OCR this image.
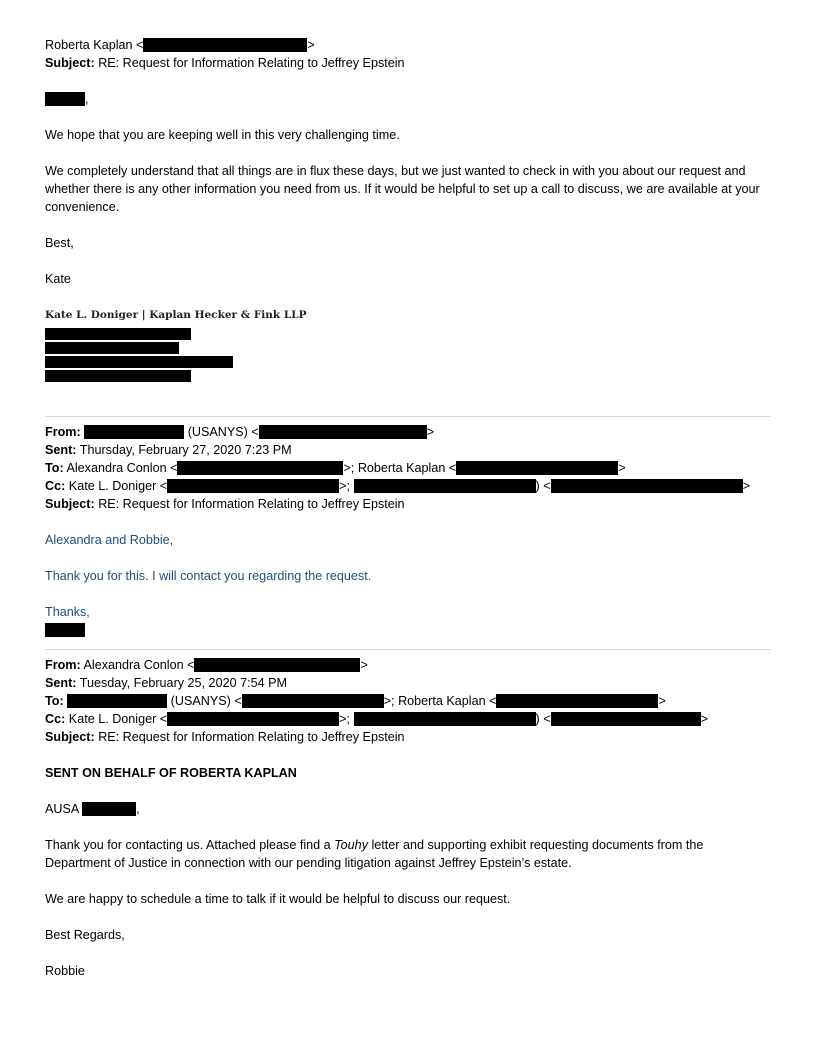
Roberta Kaplan <	>
Subject: RE: Request for Information Relating to Jeffrey Epstein
,
We hope that you are keeping well in this very challenging time.
We completely understand that all things are in flux these days, but we just wanted to check in with you about our request and whether there is any other information you need from us. If it would be helpful to set up a call to discuss, we are available at your convenience.
Best,
Kate
Kate L. Doniger | Kaplan Hecker & Fink LLP
From:	(USANYS) <	>
Sent: Thursday, February 27, 2020 7:23 PM
To: Alexandra Conlon <	>; Roberta Kaplan <	>
Cc: Kate L. Doniger <	>;	) <	>
Subject: RE: Request for Information Relating to Jeffrey Epstein
Alexandra and Robbie,
Thank you for this. I will contact you regarding the request.
Thanks,
From: Alexandra Conlon <	>
Sent: Tuesday, February 25, 2020 7:54 PM
To:	(USANYS) <	>; Roberta Kaplan <	>
Cc: Kate L. Doniger <	>;	) <	>
Subject: RE: Request for Information Relating to Jeffrey Epstein
SENT ON BEHALF OF ROBERTA KAPLAN
AUSA	,
Thank you for contacting us. Attached please find a Touhy letter and supporting exhibit requesting documents from the Department of Justice in connection with our pending litigation against Jeffrey Epstein’s estate.
We are happy to schedule a time to talk if it would be helpful to discuss our request.
Best Regards,
Robbie
